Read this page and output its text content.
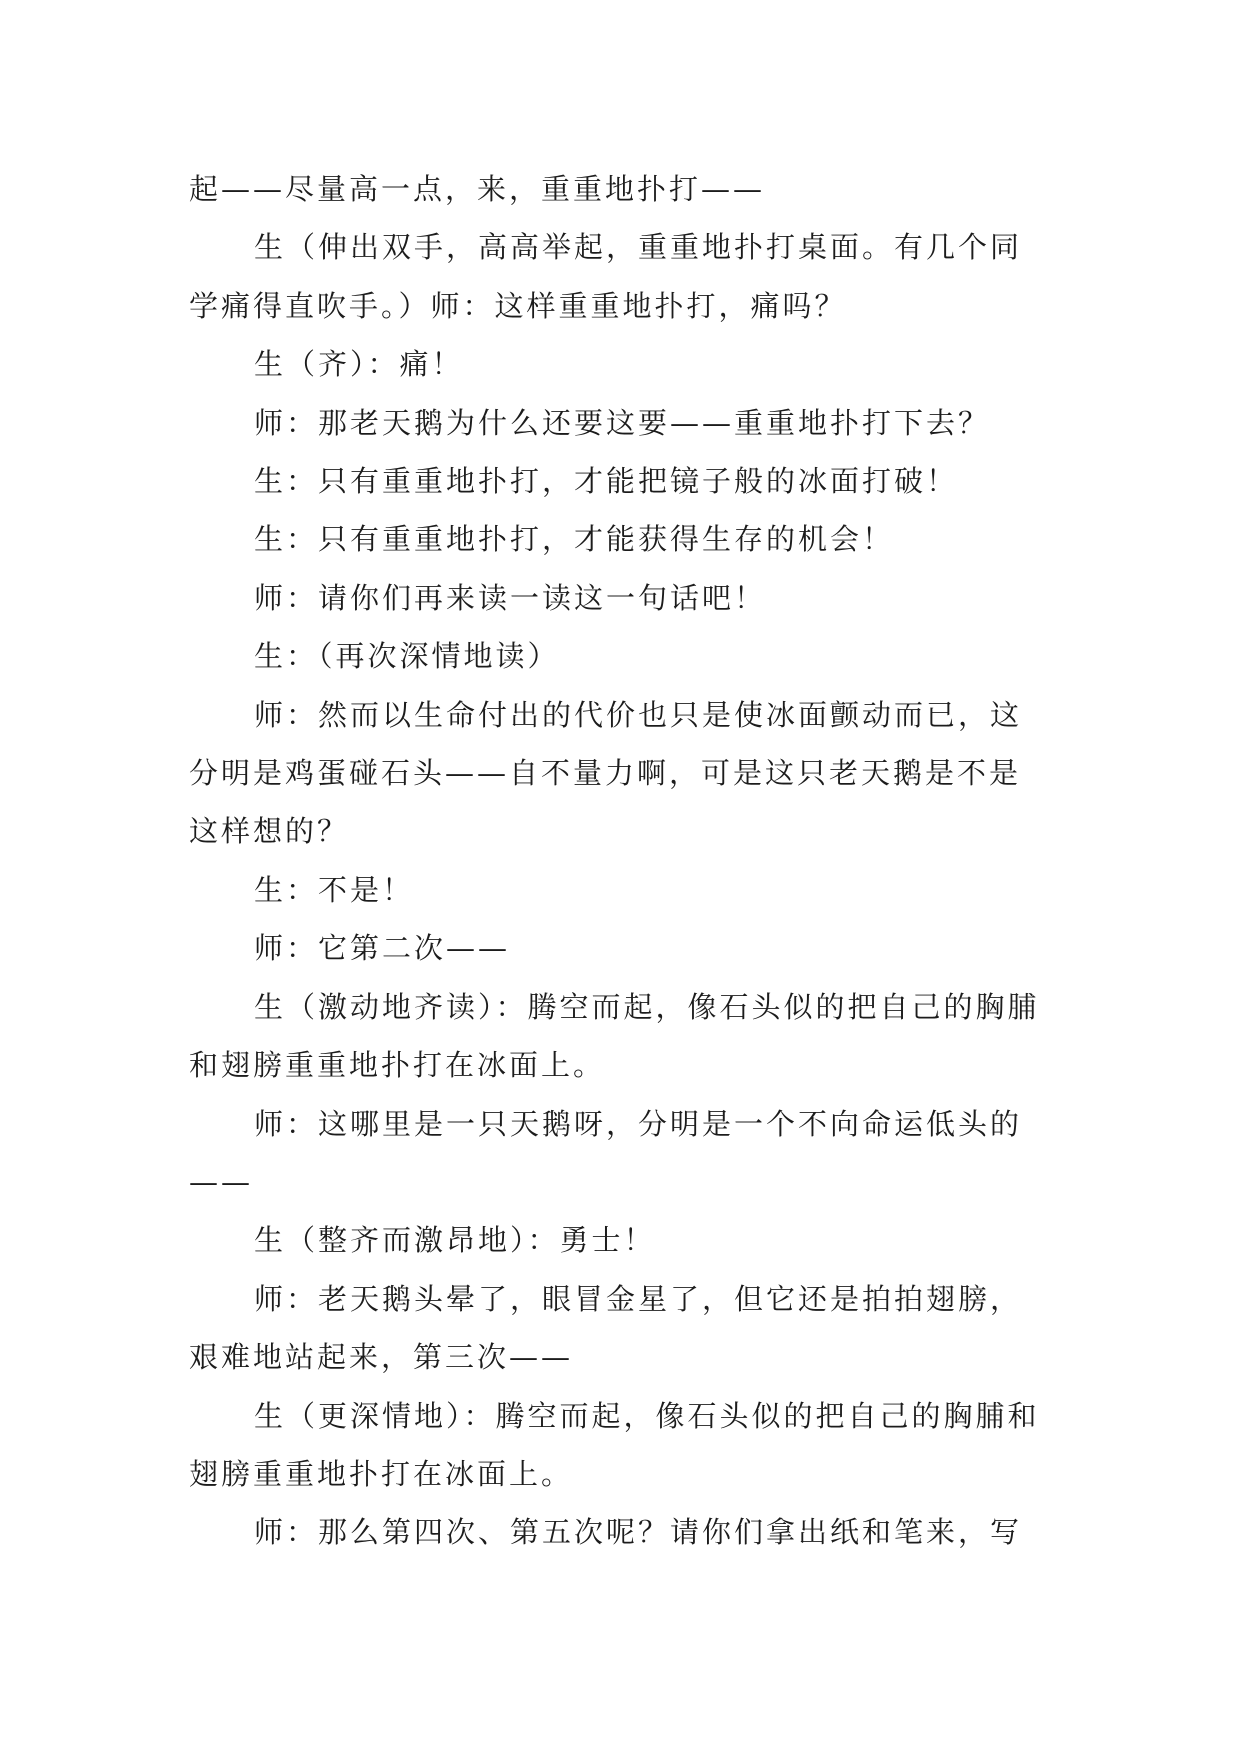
起——尽量高一点，来，重重地扑打——

生（伸出双手，高高举起，重重地扑打桌面。有几个同学痛得直吹手。）师：这样重重地扑打，痛吗？

生（齐）：痛！

师：那老天鹅为什么还要这要——重重地扑打下去？

生：只有重重地扑打，才能把镜子般的冰面打破！

生：只有重重地扑打，才能获得生存的机会！

师：请你们再来读一读这一句话吧！

生：（再次深情地读）

师：然而以生命付出的代价也只是使冰面颤动而已，这分明是鸡蛋碰石头——自不量力啊，可是这只老天鹅是不是这样想的？

生：不是！

师：它第二次——

生（激动地齐读）：腾空而起，像石头似的把自己的胸脯和翅膀重重地扑打在冰面上。

师：这哪里是一只天鹅呀，分明是一个不向命运低头的——

生（整齐而激昂地）：勇士！

师：老天鹅头晕了，眼冒金星了，但它还是拍拍翅膀，艰难地站起来，第三次——

生（更深情地）：腾空而起，像石头似的把自己的胸脯和翅膀重重地扑打在冰面上。

师：那么第四次、第五次呢？请你们拿出纸和笔来，写
